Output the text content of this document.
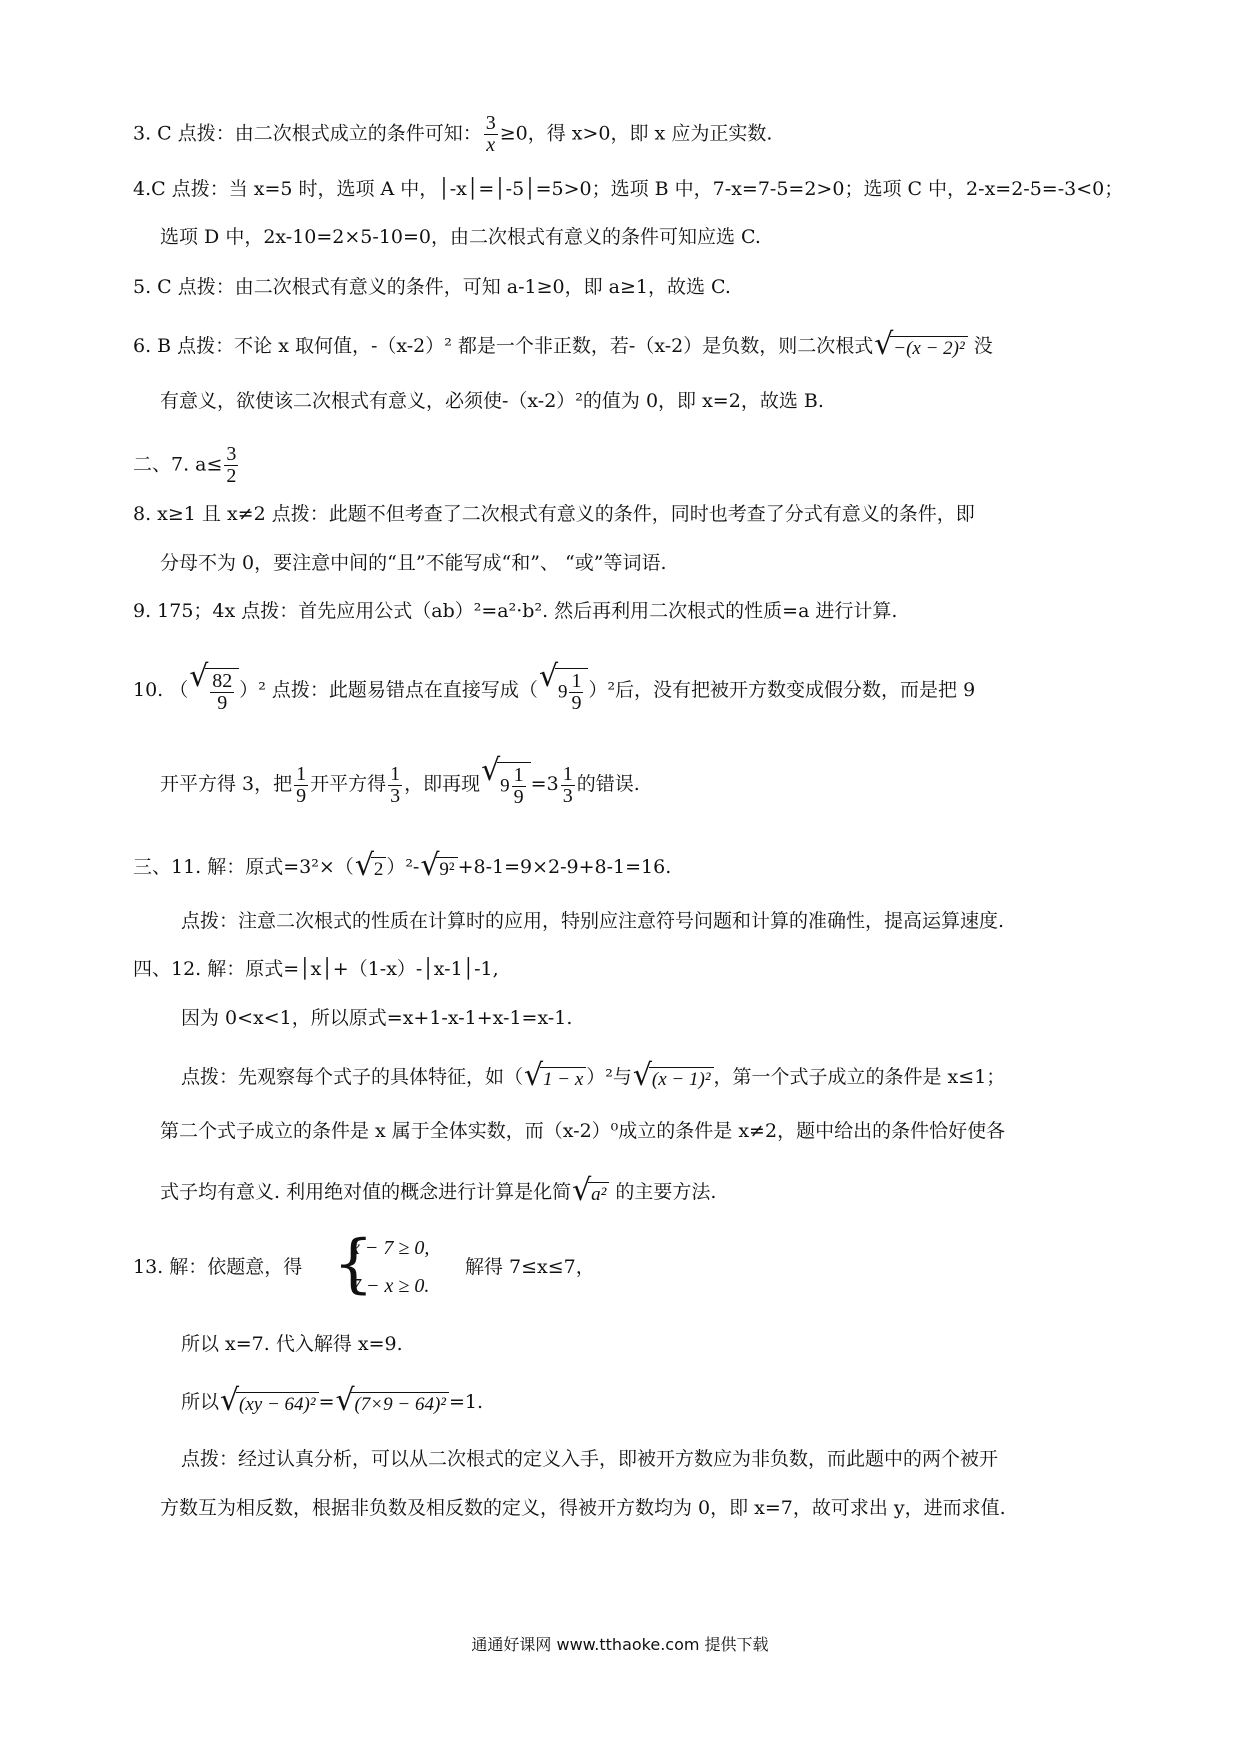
3. C 点拨：由二次根式成立的条件可知： $\frac{3}{x} \ge 0$，得 x>0，即 x 应为正实数.
4.C 点拨：当 x=5 时，选项 A 中，│-x│=│-5│=5>0；选项 B 中，7-x=7-5=2>0；选项 C 中，2-x=2-5=-3<0；
选项 D 中，2x-10=2×5-10=0，由二次根式有意义的条件可知应选 C.
5. C 点拨：由二次根式有意义的条件，可知 a-1≥0，即 a≥1，故选 C.
6. B 点拨：不论 x 取何值，-（x-2）² 都是一个非正数，若-（x-2）是负数，则二次根式 √ −(x − 2)² 没
有意义，欲使该二次根式有意义，必须使-（x-2）²的值为 0，即 x=2，故选 B.
二、7. $a\le \frac{3}{2}$
8. x≥1 且 x≠2 点拨：此题不但考查了二次根式有意义的条件，同时也考查了分式有意义的条件，即
分母不为 0，要注意中间的“且”不能写成“和”、 “或”等词语.
9. 175；4x 点拨：首先应用公式（ab）²=a²·b². 然后再利用二次根式的性质=a 进行计算.
10. （ √ $\frac{82}{9} )^2$ 点拨：此题易错点在直接写成（ √ $9 \frac{1}{9} )^2$后，没有把被开方数变成假分数，而是把 9
开平方得 3，把 $\frac{1}{9}$ 开平方得 $\frac{1}{3}$ ，即再现 √ $9 \frac{1}{9} =3 \frac{1}{3}$ 的错误.
三、11. 解：原式=3²×（ √ 2 ）²- √ 9² +8-1=9×2-9+8-1=16.
点拨：注意二次根式的性质在计算时的应用，特别应注意符号问题和计算的准确性，提高运算速度.
四、12. 解：原式=│x│+（1-x）-│x-1│-1,
因为 0<x<1，所以原式=x+1-x-1+x-1=x-1.
点拨：先观察每个式子的具体特征，如（ √ 1 − x ）²与 √ (x − 1)² ，第一个式子成立的条件是 x≤1；
第二个式子成立的条件是 x 属于全体实数，而（x-2）⁰成立的条件是 x≠2，题中给出的条件恰好使各
式子均有意义. 利用绝对值的概念进行计算是化简 √ a² 的主要方法.
13. 解：依题意，得 {
x − 7 ≥ 0,
7 − x ≥ 0.
解得 7≤x≤7，
所以 x=7. 代入解得 x=9.
所以 √ (xy − 64)² = √ (7×9 − 64)² =1.
点拨：经过认真分析，可以从二次根式的定义入手，即被开方数应为非负数，而此题中的两个被开
方数互为相反数，根据非负数及相反数的定义，得被开方数均为 0，即 x=7，故可求出 y，进而求值.
通通好课网 www.tthaoke.com 提供下载
